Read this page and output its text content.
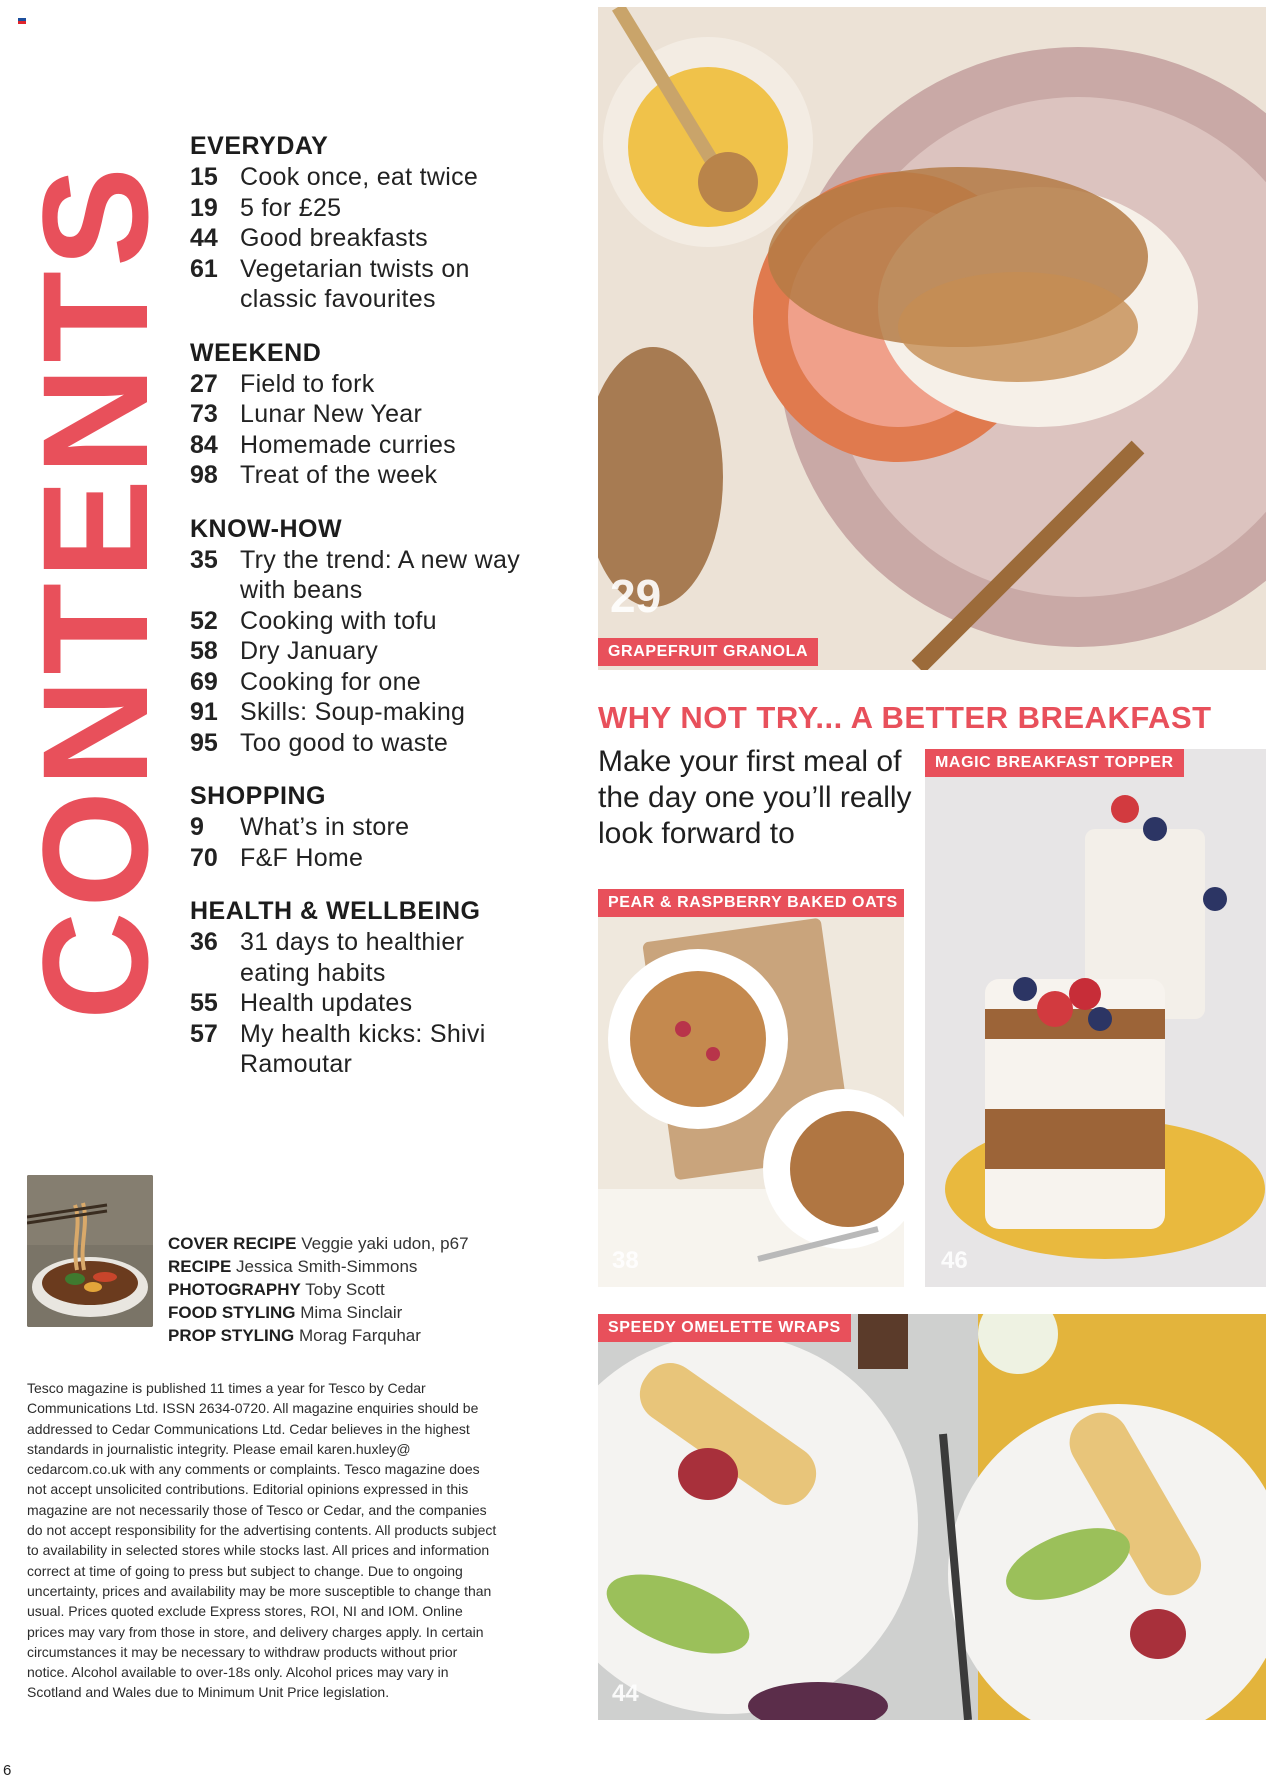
CONTENTS
EVERYDAY
15 Cook once, eat twice
19 5 for £25
44 Good breakfasts
61 Vegetarian twists on classic favourites
WEEKEND
27 Field to fork
73 Lunar New Year
84 Homemade curries
98 Treat of the week
KNOW-HOW
35 Try the trend: A new way with beans
52 Cooking with tofu
58 Dry January
69 Cooking for one
91 Skills: Soup-making
95 Too good to waste
SHOPPING
9	What’s in store
70 F&F Home
HEALTH & WELLBEING
36 31 days to healthier eating habits
55 Health updates
57 My health kicks: Shivi Ramoutar
COVER RECIPE Veggie yaki udon, p67
RECIPE Jessica Smith-Simmons
PHOTOGRAPHY Toby Scott
FOOD STYLING Mima Sinclair
PROP STYLING Morag Farquhar

Tesco magazine is published 11 times a year for Tesco by Cedar Communications Ltd. ISSN 2634-0720. All magazine enquiries should be addressed to Cedar Communications Ltd. Cedar believes in the highest standards in journalistic integrity. Please email karen.huxley@ cedarcom.co.uk with any comments or complaints. Tesco magazine does not accept unsolicited contributions. Editorial opinions expressed in this magazine are not necessarily those of Tesco or Cedar, and the companies do not accept responsibility for the advertising contents. All products subject to availability in selected stores while stocks last. All prices and information correct at time of going to press but subject to change. Due to ongoing uncertainty, prices and availability may be more susceptible to change than usual. Prices quoted exclude Express stores, ROI, NI and IOM. Online prices may vary from those in store, and delivery charges apply. In certain circumstances it may be necessary to withdraw products without prior notice. Alcohol available to over-18s only. Alcohol prices may vary in Scotland and Wales due to Minimum Unit Price legislation.

6
29
GRAPEFRUIT GRANOLA
WHY NOT TRY... A BETTER BREAKFAST

Make your first meal of the day one you’ll really look forward to

PEAR & RASPBERRY BAKED OATS
38
MAGIC BREAKFAST TOPPER
46
SPEEDY OMELETTE WRAPS
44
